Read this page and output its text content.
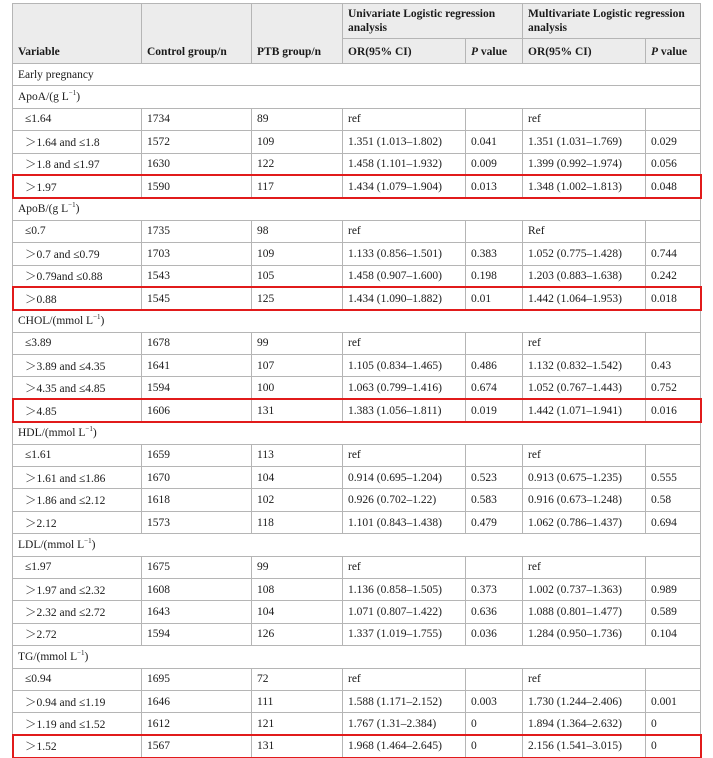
Variable	Control group/n	PTB group/n	Univariate Logistic regression analysis		Multivariate Logistic regression analysis	
			OR(95% CI)	P value	OR(95% CI)	P value
Early pregnancy						
ApoA/(g $L^{-1}$)						
≤1.64	1734	89	ref		ref	
＞1.64 and ≤1.8	1572	109	1.351 (1.013–1.802)	0.041	1.351 (1.031–1.769)	0.029
＞1.8 and ≤1.97	1630	122	1.458 (1.101–1.932)	0.009	1.399 (0.992–1.974)	0.056
＞1.97	1590	117	1.434 (1.079–1.904)	0.013	1.348 (1.002–1.813)	0.048
ApoB/(g $L^{-1}$)						
≤0.7	1735	98	ref		Ref	
＞0.7 and ≤0.79	1703	109	1.133 (0.856–1.501)	0.383	1.052 (0.775–1.428)	0.744
＞0.79and ≤0.88	1543	105	1.458 (0.907–1.600)	0.198	1.203 (0.883–1.638)	0.242
＞0.88	1545	125	1.434 (1.090–1.882)	0.01	1.442 (1.064–1.953)	0.018
CHOL/(mmol $L^{-1}$)						
≤3.89	1678	99	ref		ref	
＞3.89 and ≤4.35	1641	107	1.105 (0.834–1.465)	0.486	1.132 (0.832–1.542)	0.43
＞4.35 and ≤4.85	1594	100	1.063 (0.799–1.416)	0.674	1.052 (0.767–1.443)	0.752
＞4.85	1606	131	1.383 (1.056–1.811)	0.019	1.442 (1.071–1.941)	0.016
HDL/(mmol $L^{-1}$)						
≤1.61	1659	113	ref		ref	
＞1.61 and ≤1.86	1670	104	0.914 (0.695–1.204)	0.523	0.913 (0.675–1.235)	0.555
＞1.86 and ≤2.12	1618	102	0.926 (0.702–1.22)	0.583	0.916 (0.673–1.248)	0.58
＞2.12	1573	118	1.101 (0.843–1.438)	0.479	1.062 (0.786–1.437)	0.694
LDL/(mmol $L^{-1}$)						
≤1.97	1675	99	ref		ref	
＞1.97 and ≤2.32	1608	108	1.136 (0.858–1.505)	0.373	1.002 (0.737–1.363)	0.989
＞2.32 and ≤2.72	1643	104	1.071 (0.807–1.422)	0.636	1.088 (0.801–1.477)	0.589
＞2.72	1594	126	1.337 (1.019–1.755)	0.036	1.284 (0.950–1.736)	0.104
TG/(mmol $L^{-1}$)						
≤0.94	1695	72	ref		ref	
＞0.94 and ≤1.19	1646	111	1.588 (1.171–2.152)	0.003	1.730 (1.244–2.406)	0.001
＞1.19 and ≤1.52	1612	121	1.767 (1.31–2.384)	0	1.894 (1.364–2.632)	0
＞1.52	1567	131	1.968 (1.464–2.645)	0	2.156 (1.541–3.015)	0
